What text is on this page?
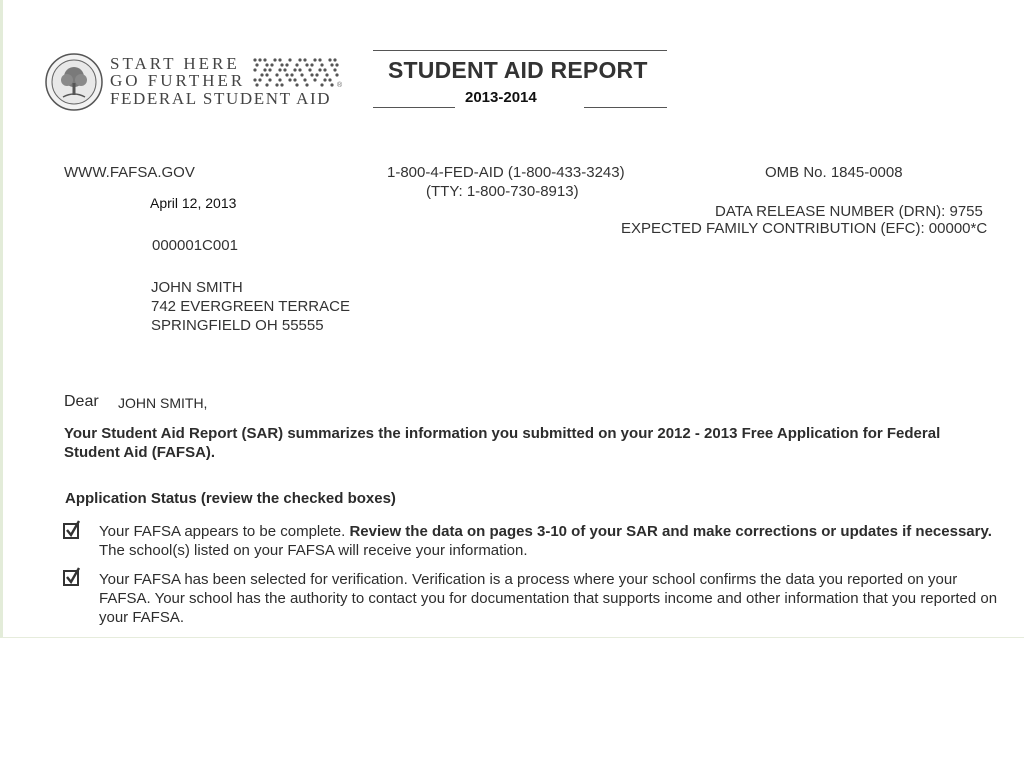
START HERE
GO FURTHER
FEDERAL STUDENT AID
®
STUDENT AID REPORT
2013-2014
WWW.FAFSA.GOV	1-800-4-FED-AID (1-800-433-3243)
(TTY: 1-800-730-8913)
OMB No. 1845-0008
April 12, 2013	DATA RELEASE NUMBER (DRN): 9755
EXPECTED FAMILY CONTRIBUTION (EFC): 00000*C
000001C001
JOHN SMITH
742 EVERGREEN TERRACE
SPRINGFIELD OH 55555
Dear JOHN SMITH,
Your Student Aid Report (SAR) summarizes the information you submitted on your 2012 - 2013 Free Application for Federal Student Aid (FAFSA).
Application Status (review the checked boxes)
Your FAFSA appears to be complete. Review the data on pages 3-10 of your SAR and make corrections or updates if necessary. The school(s) listed on your FAFSA will receive your information.
Your FAFSA has been selected for verification. Verification is a process where your school confirms the data you reported on your FAFSA. Your school has the authority to contact you for documentation that supports income and other information that you reported on your FAFSA.
